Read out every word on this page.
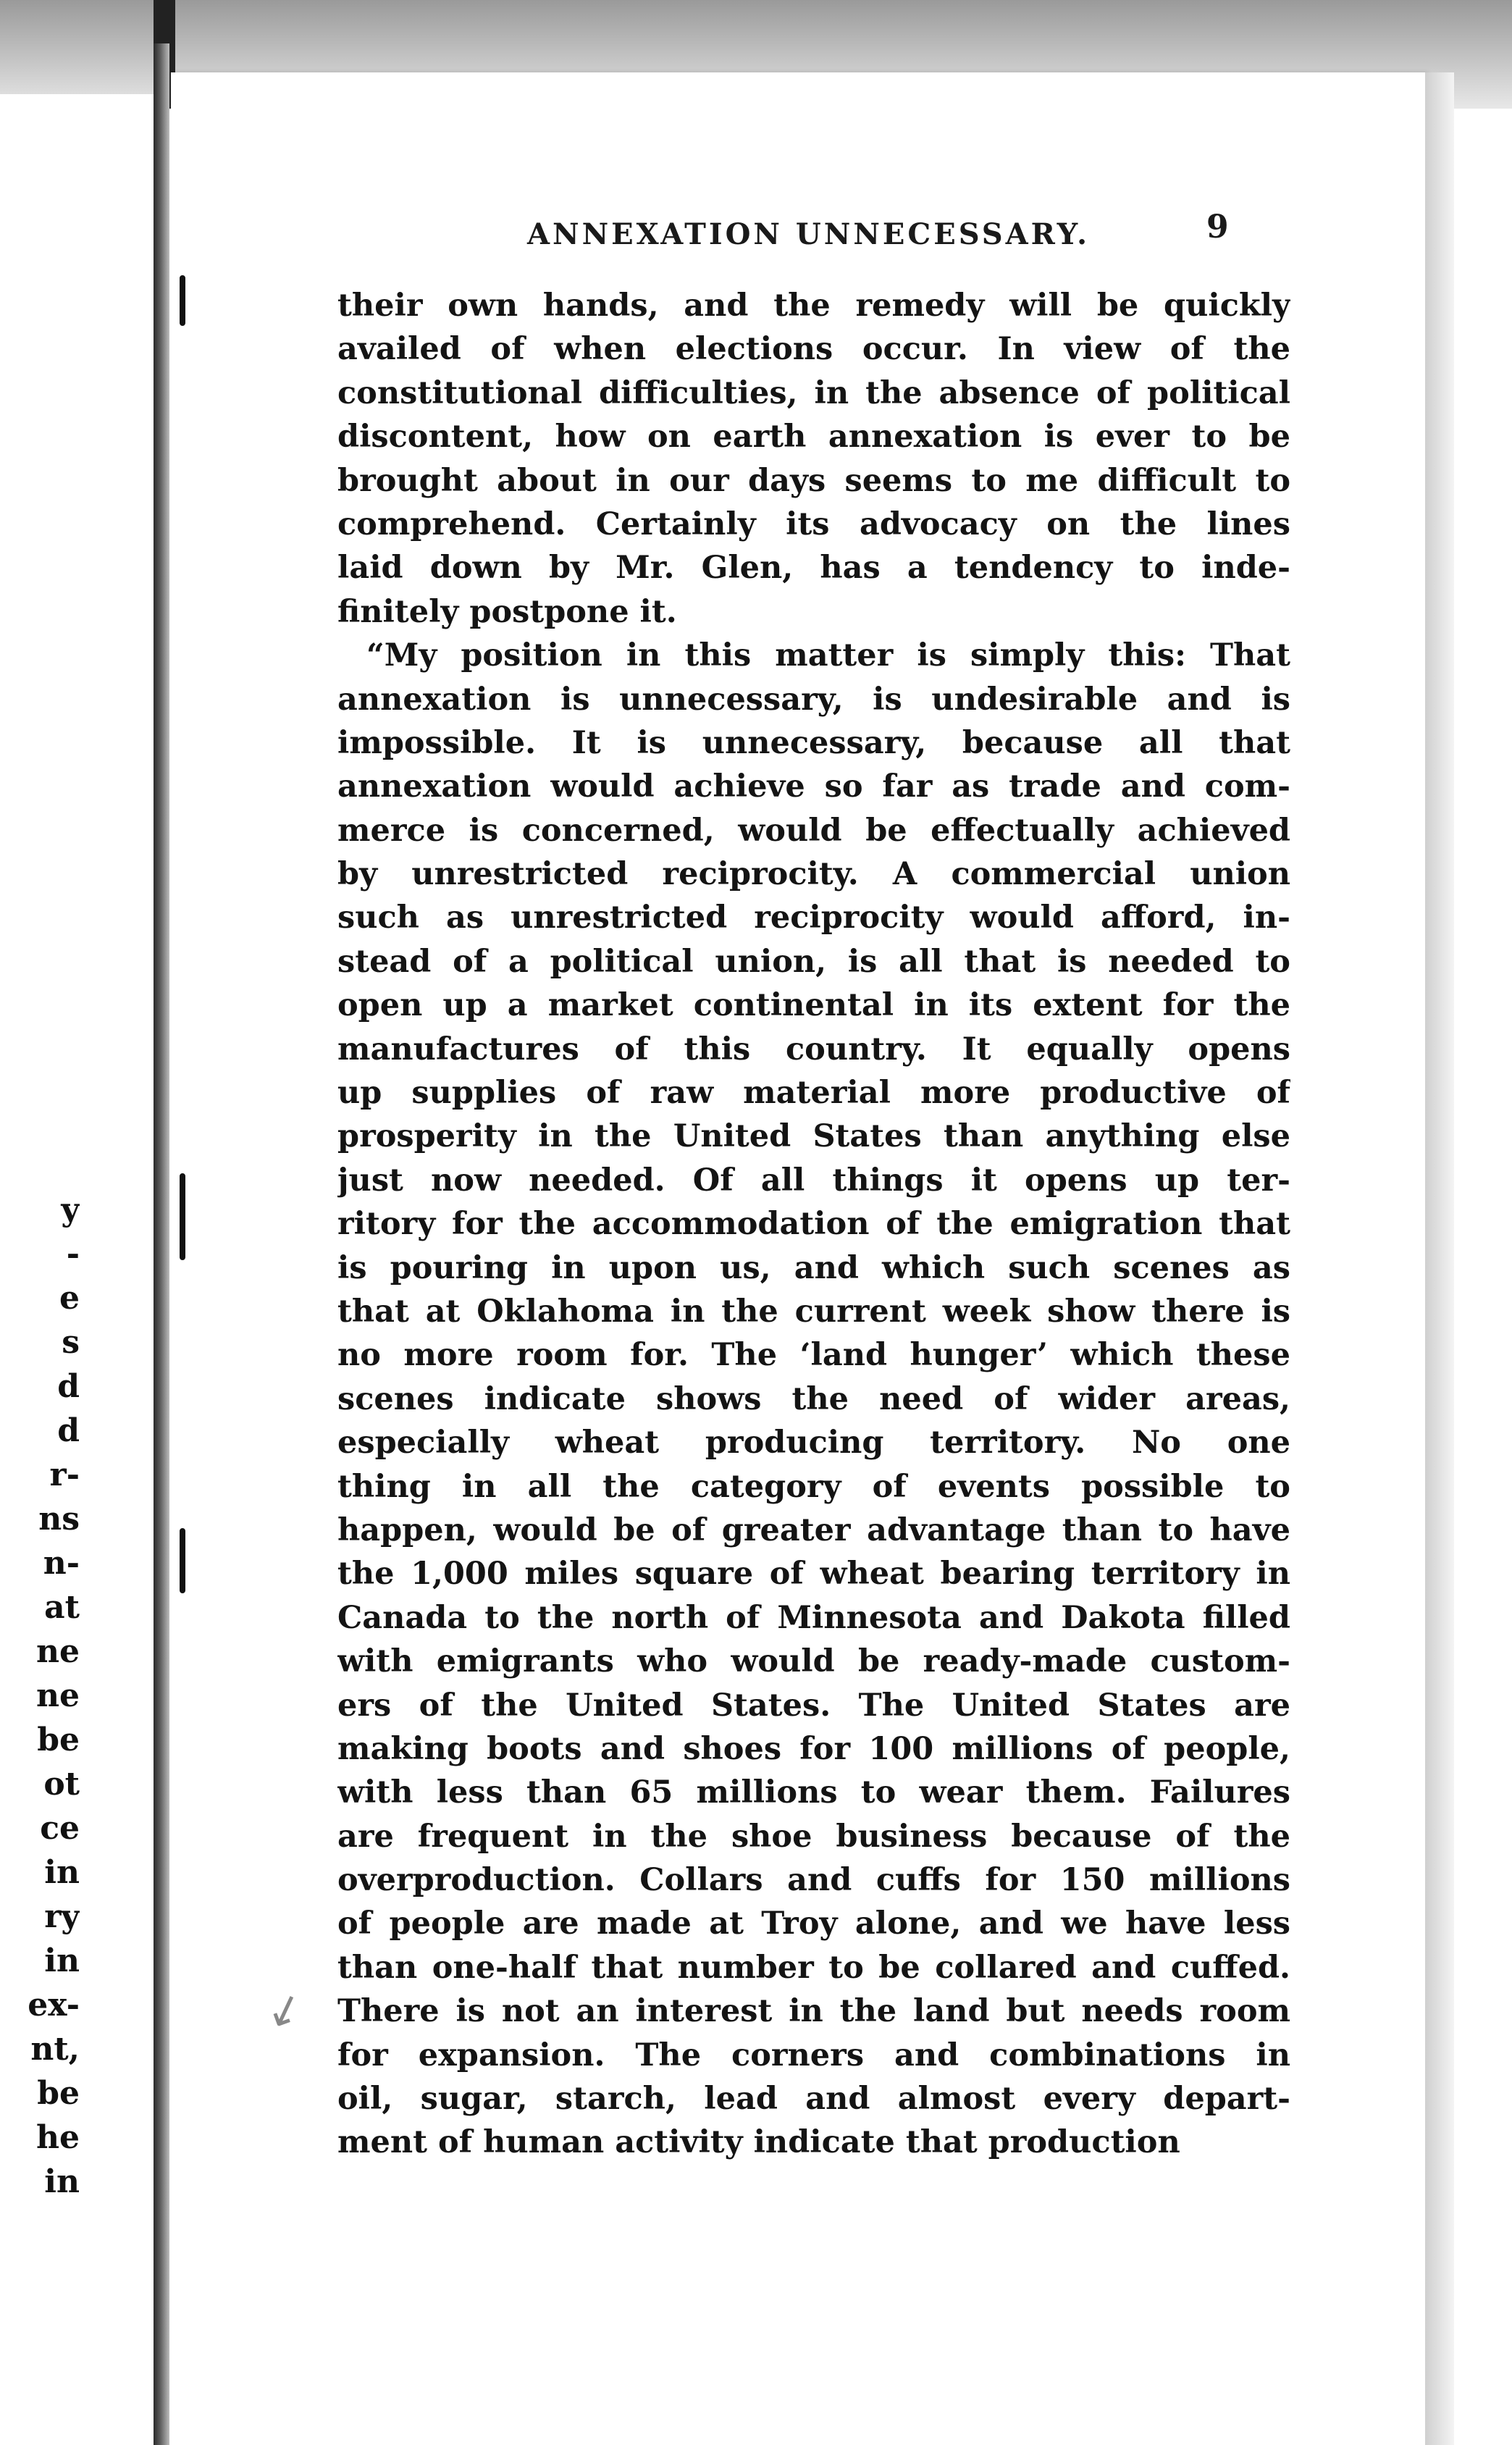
y
-
e
s
d
d
r-
ns
n-
at
ne
ne
be
ot
ce
in
ry
in
ex-
nt,
be
he
in
ANNEXATION UNNECESSARY.	9
their own hands, and the remedy will be quickly
availed of when elections occur. In view of the
constitutional difficulties, in the absence of political
discontent, how on earth annexation is ever to be
brought about in our days seems to me difficult to
comprehend. Certainly its advocacy on the lines
laid down by Mr. Glen, has a tendency to inde-
finitely postpone it.
“My position in this matter is simply this: That
annexation is unnecessary, is undesirable and is
impossible. It is unnecessary, because all that
annexation would achieve so far as trade and com-
merce is concerned, would be effectually achieved
by unrestricted reciprocity. A commercial union
such as unrestricted reciprocity would afford, in-
stead of a political union, is all that is needed to
open up a market continental in its extent for the
manufactures of this country. It equally opens
up supplies of raw material more productive of
prosperity in the United States than anything else
just now needed. Of all things it opens up ter-
ritory for the accommodation of the emigration that
is pouring in upon us, and which such scenes as
that at Oklahoma in the current week show there is
no more room for. The ‘land hunger’ which these
scenes indicate shows the need of wider areas,
especially wheat producing territory. No one
thing in all the category of events possible to
happen, would be of greater advantage than to have
the 1,000 miles square of wheat bearing territory in
Canada to the north of Minnesota and Dakota filled
with emigrants who would be ready-made custom-
ers of the United States. The United States are
making boots and shoes for 100 millions of people,
with less than 65 millions to wear them. Failures
are frequent in the shoe business because of the
overproduction. Collars and cuffs for 150 millions
of people are made at Troy alone, and we have less
than one-half that number to be collared and cuffed.
There is not an interest in the land but needs room
for expansion. The corners and combinations in
oil, sugar, starch, lead and almost every depart-
ment of human activity indicate that production
↙
